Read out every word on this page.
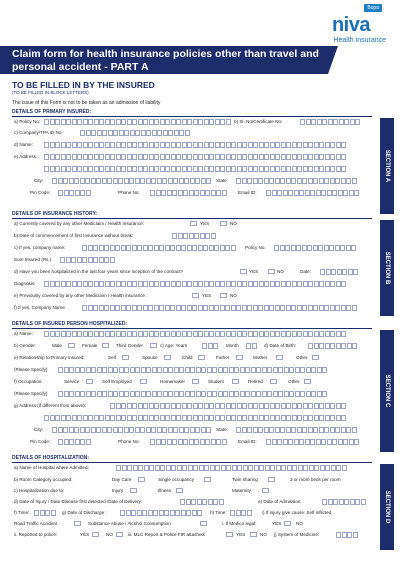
Bupa
niva
Health insurance
Claim form for health insurance policies other than travel and personal accident - PART A
TO BE FILLED IN BY THE INSURED
(TO BE FILLED IN BLOCK LETTERS)
The issue of this Form is not to be taken as an admission of liability
DETAILS OF PRIMARY INSURED:
SECTION A
a) Policy No:	b) Sl. No/Certificate No:
c) Company/TPA ID No:
d) Name:
e) Address:
City:	State:
Pin Code:	Phone No:	Email ID:
DETAILS OF INSURANCE HISTORY:
SECTION B
a) Currently covered by any other Mediclaim / Health Insurance:	YES	NO
b) Date of commencement of first Insurance without break:
c) If yes, company name:	Policy No.
Sum Insured (Rs.)
d) Have you been hospitalized in the last four years since inception of the contract?	YES	NO	Date:
Diagnosis:
e) Previously covered by any other Mediclaim / Health insurance :	YES	NO
f) If yes, Company Name
DETAILS OF INSURED PERSON HOSPITALIZED:
SECTION C
a) Name:
b) Gender:	Male	Female	Third Gender	c) Age: Years	Month	d) Date of Birth:
e) Relationship to Primary insured:	Self	Spouse	Child	Father	Mother	Other
(Please Specify)
f) Occupation:	Service	Self Employed	Homemaker	Student	Retired	Other
(Please Specify)
g) Address (if different from above):
City:	State:
Pin Code:	Phone No:	Email ID:
DETAILS OF HOSPITALIZATION:
SECTION D
a) Name of Hospital where Admitted:
b) Room Category occupied:	Day Care	Single occupancy	Twin sharing	3 or more beds per room
c) Hospitalization due to:	Injury	Illness	Maternity
d) Date of Injury / Date Disease first detected /Date of Delivery:	e) Date of Admission:
f) Time:	g) Date of Discharge :	h) Time:	i) If injury give cause: Self inflicted
Road Traffic Accident	Substance Abuse / Alcohol Consumption	i. If Medico legal:	YES	NO
ii. Reported to police:	YES	NO	iii. MLC Report & Police FIR attached:	YES	NO j) System of Medicine:
